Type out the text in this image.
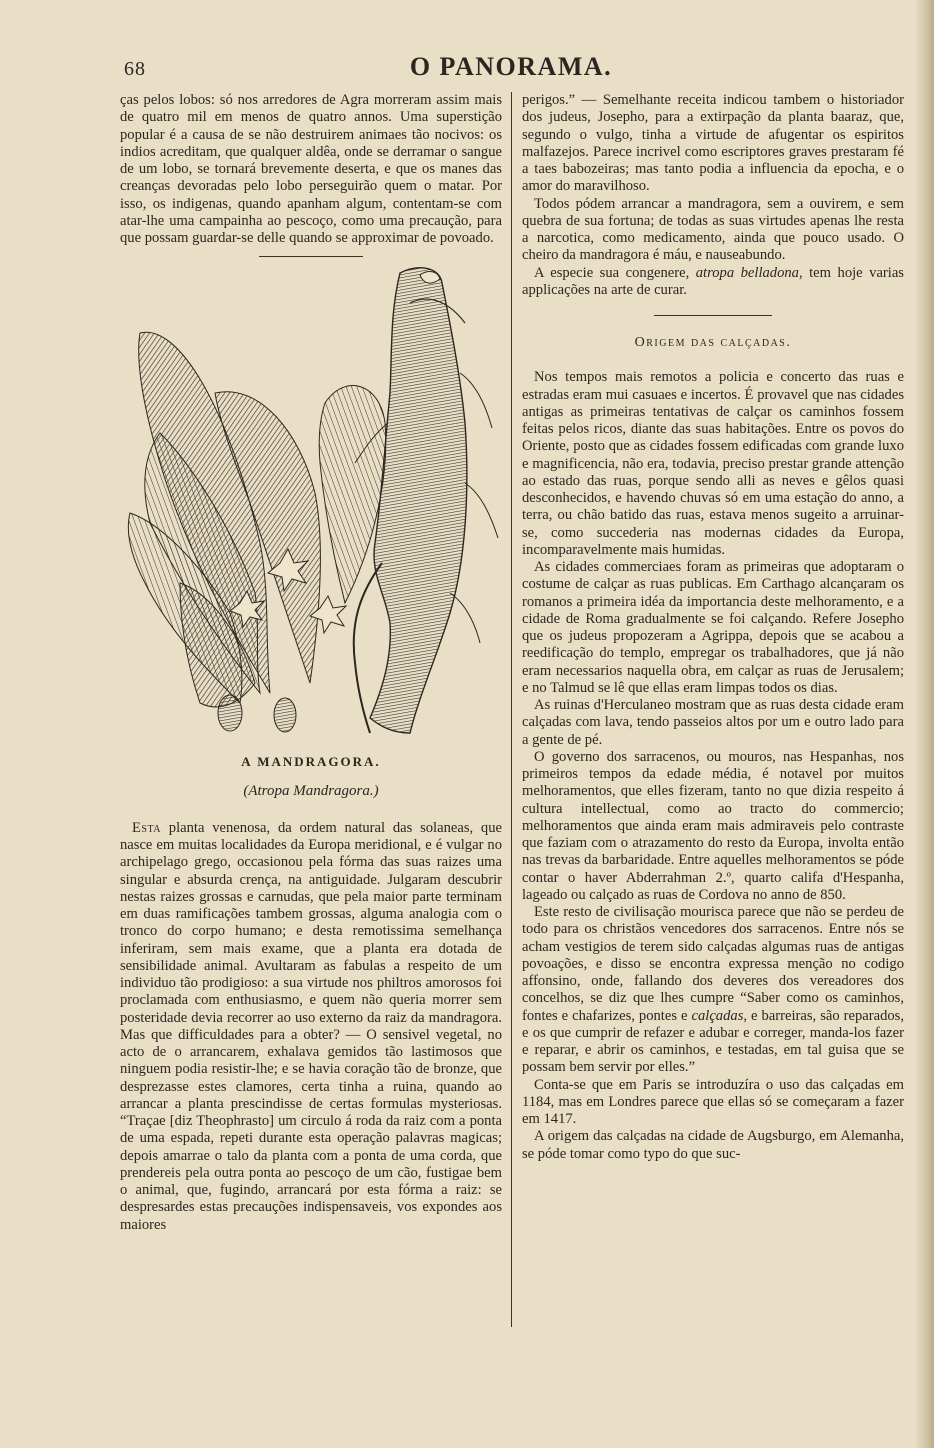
68	O PANORAMA.

ças pelos lobos: só nos arredores de Agra morreram assim mais de quatro mil em menos de quatro annos. Uma superstição popular é a causa de se não destruirem animaes tão nocivos: os indios acreditam, que qualquer aldêa, onde se derramar o sangue de um lobo, se tornará brevemente deserta, e que os manes das creanças devoradas pelo lobo perseguirão quem o matar. Por isso, os indigenas, quando apanham algum, contentam-se com atar-lhe uma campainha ao pescoço, como uma precaução, para que possam guardar-se delle quando se approximar de povoado.

A MANDRAGORA.

(Atropa Mandragora.)

Esta planta venenosa, da ordem natural das solaneas, que nasce em muitas localidades da Europa meridional, e é vulgar no archipelago grego, occasionou pela fórma das suas raizes uma singular e absurda crença, na antiguidade. Julgaram descubrir nestas raizes grossas e carnudas, que pela maior parte terminam em duas ramificações tambem grossas, alguma analogia com o tronco do corpo humano; e desta remotissima semelhança inferiram, sem mais exame, que a planta era dotada de sensibilidade animal. Avultaram as fabulas a respeito de um individuo tão prodigioso: a sua virtude nos philtros amorosos foi proclamada com enthusiasmo, e quem não queria morrer sem posteridade devia recorrer ao uso externo da raiz da mandragora. Mas que difficuldades para a obter? — O sensivel vegetal, no acto de o arrancarem, exhalava gemidos tão lastimosos que ninguem podia resistir-lhe; e se havia coração tão de bronze, que desprezasse estes clamores, certa tinha a ruina, quando ao arrancar a planta prescindisse de certas formulas mysteriosas. “Traçae [diz Theophrasto] um circulo á roda da raiz com a ponta de uma espada, repeti durante esta operação palavras magicas; depois amarrae o talo da planta com a ponta de uma corda, que prendereis pela outra ponta ao pescoço de um cão, fustigae bem o animal, que, fugindo, arrancará por esta fórma a raiz: se despresardes estas precauções indispensaveis, vos expondes aos maiores

perigos.” — Semelhante receita indicou tambem o historiador dos judeus, Josepho, para a extirpação da planta baaraz, que, segundo o vulgo, tinha a virtude de afugentar os espiritos malfazejos. Parece incrivel como escriptores graves prestaram fé a taes babozeiras; mas tanto podia a influencia da epocha, e o amor do maravilhoso.

Todos pódem arrancar a mandragora, sem a ouvirem, e sem quebra de sua fortuna; de todas as suas virtudes apenas lhe resta a narcotica, como medicamento, ainda que pouco usado. O cheiro da mandragora é máu, e nauseabundo.

A especie sua congenere, atropa belladona, tem hoje varias applicações na arte de curar.

Origem das calçadas.

Nos tempos mais remotos a policia e concerto das ruas e estradas eram mui casuaes e incertos. É provavel que nas cidades antigas as primeiras tentativas de calçar os caminhos fossem feitas pelos ricos, diante das suas habitações. Entre os povos do Oriente, posto que as cidades fossem edificadas com grande luxo e magnificencia, não era, todavia, preciso prestar grande attenção ao estado das ruas, porque sendo alli as neves e gêlos quasi desconhecidos, e havendo chuvas só em uma estação do anno, a terra, ou chão batido das ruas, estava menos sugeito a arruinar-se, como succederia nas modernas cidades da Europa, incomparavelmente mais humidas.

As cidades commerciaes foram as primeiras que adoptaram o costume de calçar as ruas publicas. Em Carthago alcançaram os romanos a primeira idéa da importancia deste melhoramento, e a cidade de Roma gradualmente se foi calçando. Refere Josepho que os judeus propozeram a Agrippa, depois que se acabou a reedificação do templo, empregar os trabalhadores, que já não eram necessarios naquella obra, em calçar as ruas de Jerusalem; e no Talmud se lê que ellas eram limpas todos os dias.

As ruinas d'Herculaneo mostram que as ruas desta cidade eram calçadas com lava, tendo passeios altos por um e outro lado para a gente de pé.

O governo dos sarracenos, ou mouros, nas Hespanhas, nos primeiros tempos da edade média, é notavel por muitos melhoramentos, que elles fizeram, tanto no que dizia respeito á cultura intellectual, como ao tracto do commercio; melhoramentos que ainda eram mais admiraveis pelo contraste que faziam com o atrazamento do resto da Europa, involta então nas trevas da barbaridade. Entre aquelles melhoramentos se póde contar o haver Abderrahman 2.º, quarto califa d'Hespanha, lageado ou calçado as ruas de Cordova no anno de 850.

Este resto de civilisação mourisca parece que não se perdeu de todo para os christãos vencedores dos sarracenos. Entre nós se acham vestigios de terem sido calçadas algumas ruas de antigas povoações, e disso se encontra expressa menção no codigo affonsino, onde, fallando dos deveres dos vereadores dos concelhos, se diz que lhes cumpre “Saber como os caminhos, fontes e chafarizes, pontes e calçadas, e barreiras, são reparados, e os que cumprir de refazer e adubar e correger, manda-los fazer e reparar, e abrir os caminhos, e testadas, em tal guisa que se possam bem servir por elles.”

Conta-se que em Paris se introduzíra o uso das calçadas em 1184, mas em Londres parece que ellas só se começaram a fazer em 1417.

A origem das calçadas na cidade de Augsburgo, em Alemanha, se póde tomar como typo do que suc-
